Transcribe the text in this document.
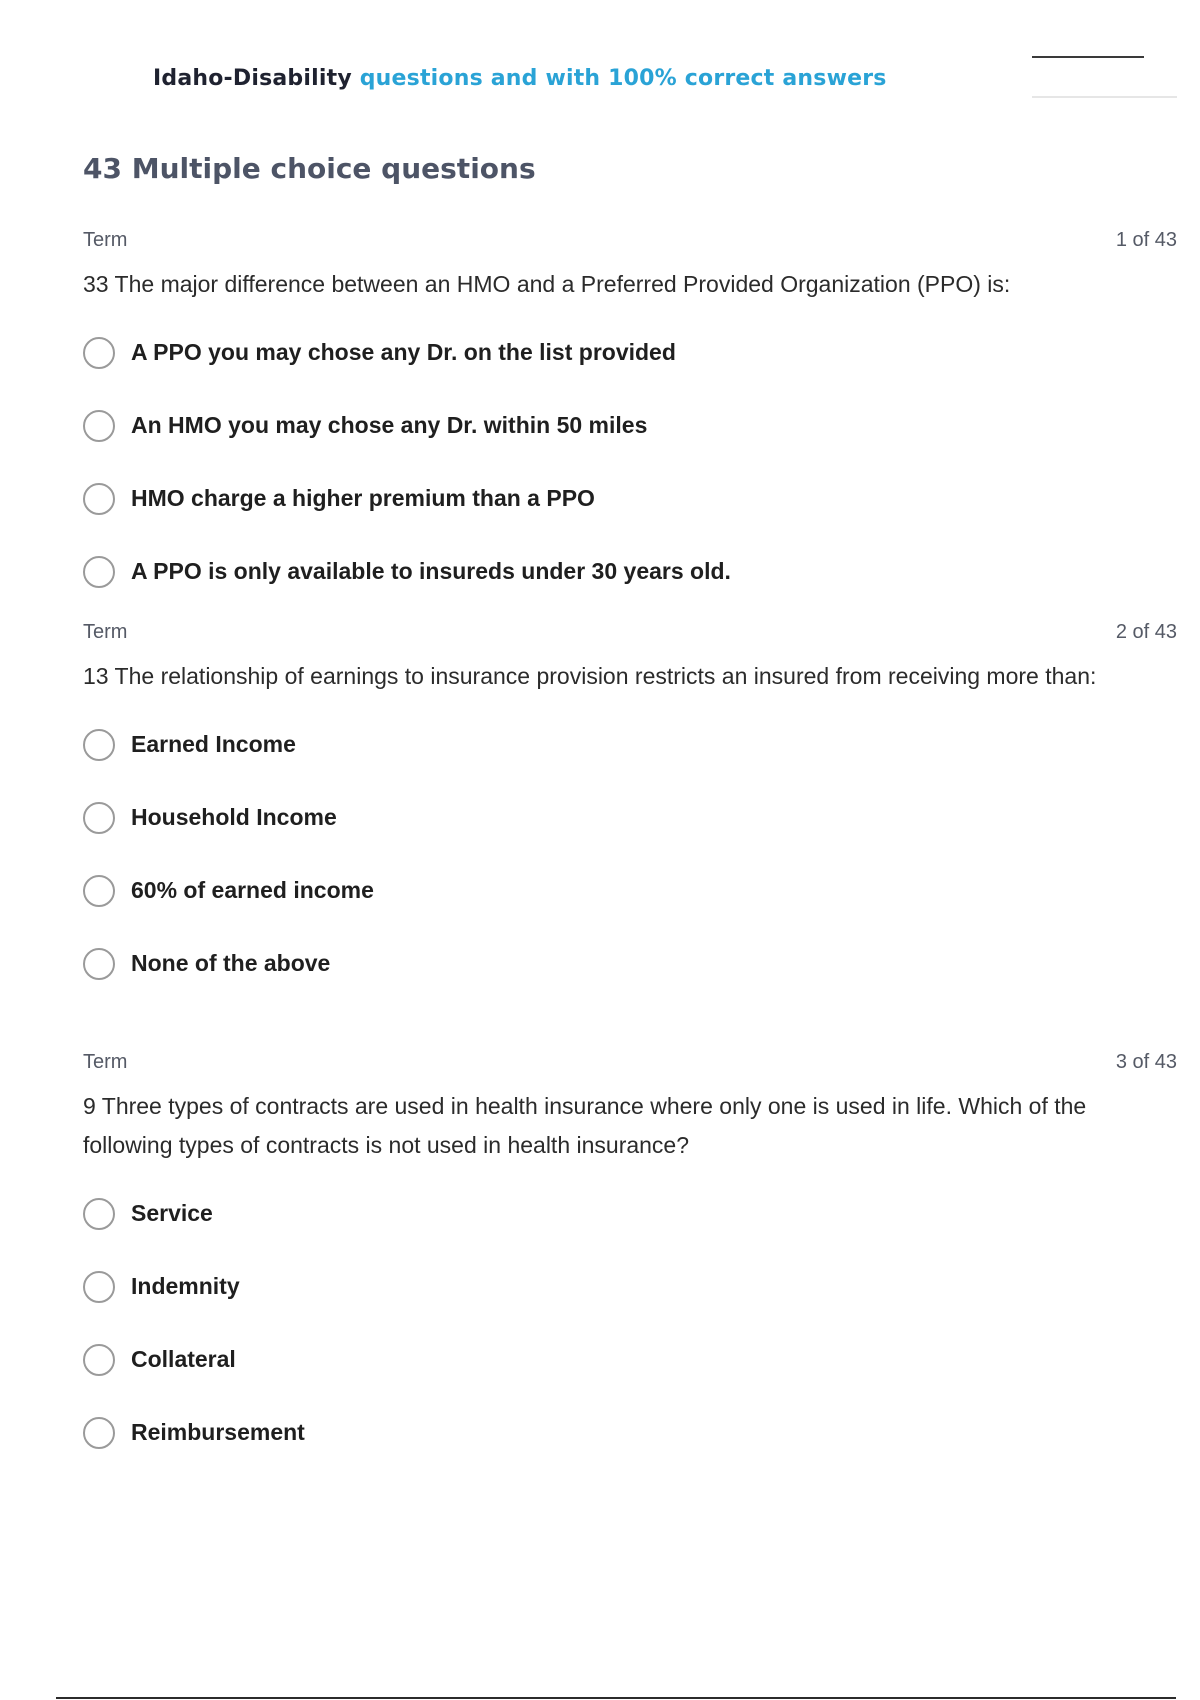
Idaho-Disability questions and with 100% correct answers
43 Multiple choice questions
Term	1 of 43
33 The major difference between an HMO and a Preferred Provided Organization (PPO) is:
A PPO you may chose any Dr. on the list provided
An HMO you may chose any Dr. within 50 miles
HMO charge a higher premium than a PPO
A PPO is only available to insureds under 30 years old.
Term	2 of 43
13 The relationship of earnings to insurance provision restricts an insured from receiving more than:
Earned Income
Household Income
60% of earned income
None of the above
Term	3 of 43
9 Three types of contracts are used in health insurance where only one is used in life. Which of the following types of contracts is not used in health insurance?
Service
Indemnity
Collateral
Reimbursement
